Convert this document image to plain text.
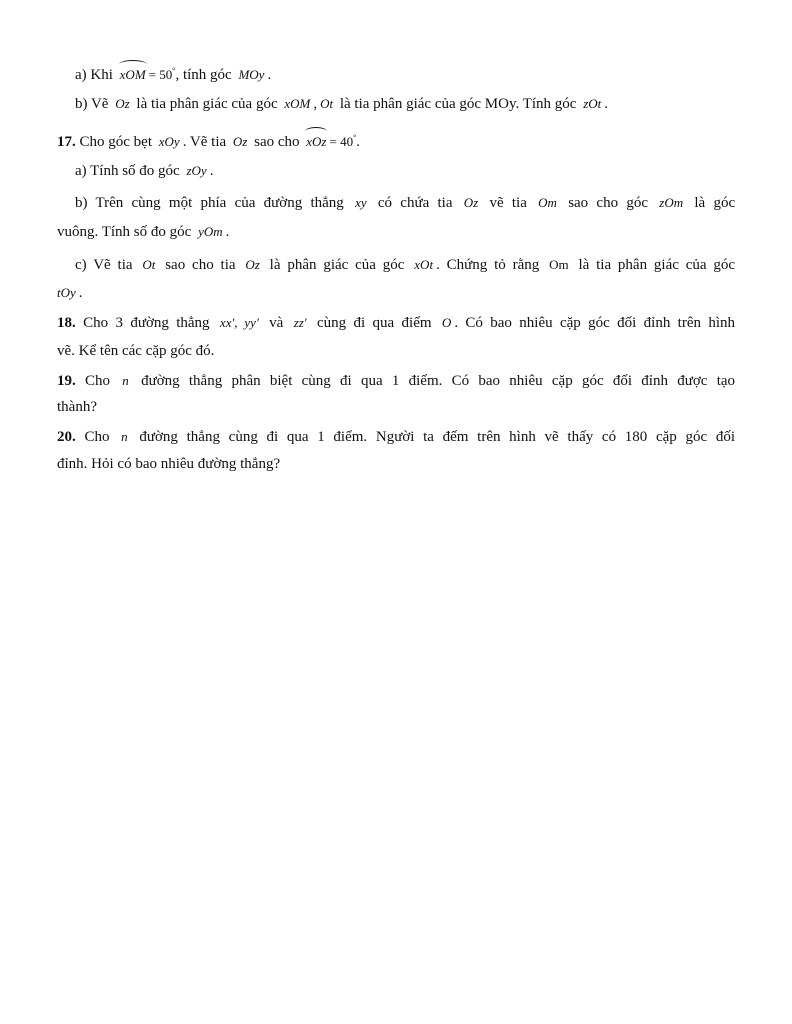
a) Khi xOM = 50°, tính góc MOy .
b) Vẽ Oz là tia phân giác của góc xOM , Ot là tia phân giác của góc MOy. Tính góc zOt .
17. Cho góc bẹt xOy . Vẽ tia Oz sao cho xOz = 40°.
a) Tính số đo góc zOy .
b) Trên cùng một phía của đường thẳng xy có chứa tia Oz vẽ tia Om sao cho góc zOm là góc
vuông. Tính số đo góc yOm .
c) Vẽ tia Ot sao cho tia Oz là phân giác của góc xOt . Chứng tỏ rằng Om là tia phân giác của góc
tOy .
18. Cho 3 đường thẳng xx′, yy′ và zz′ cùng đi qua điểm O . Có bao nhiêu cặp góc đối đỉnh trên hình
vẽ. Kể tên các cặp góc đó.
19. Cho n đường thẳng phân biệt cùng đi qua 1 điểm. Có bao nhiêu cặp góc đối đỉnh được tạo
thành?
20. Cho n đường thẳng cùng đi qua 1 điểm. Người ta đếm trên hình vẽ thấy có 180 cặp góc đối
đỉnh. Hỏi có bao nhiêu đường thẳng?
